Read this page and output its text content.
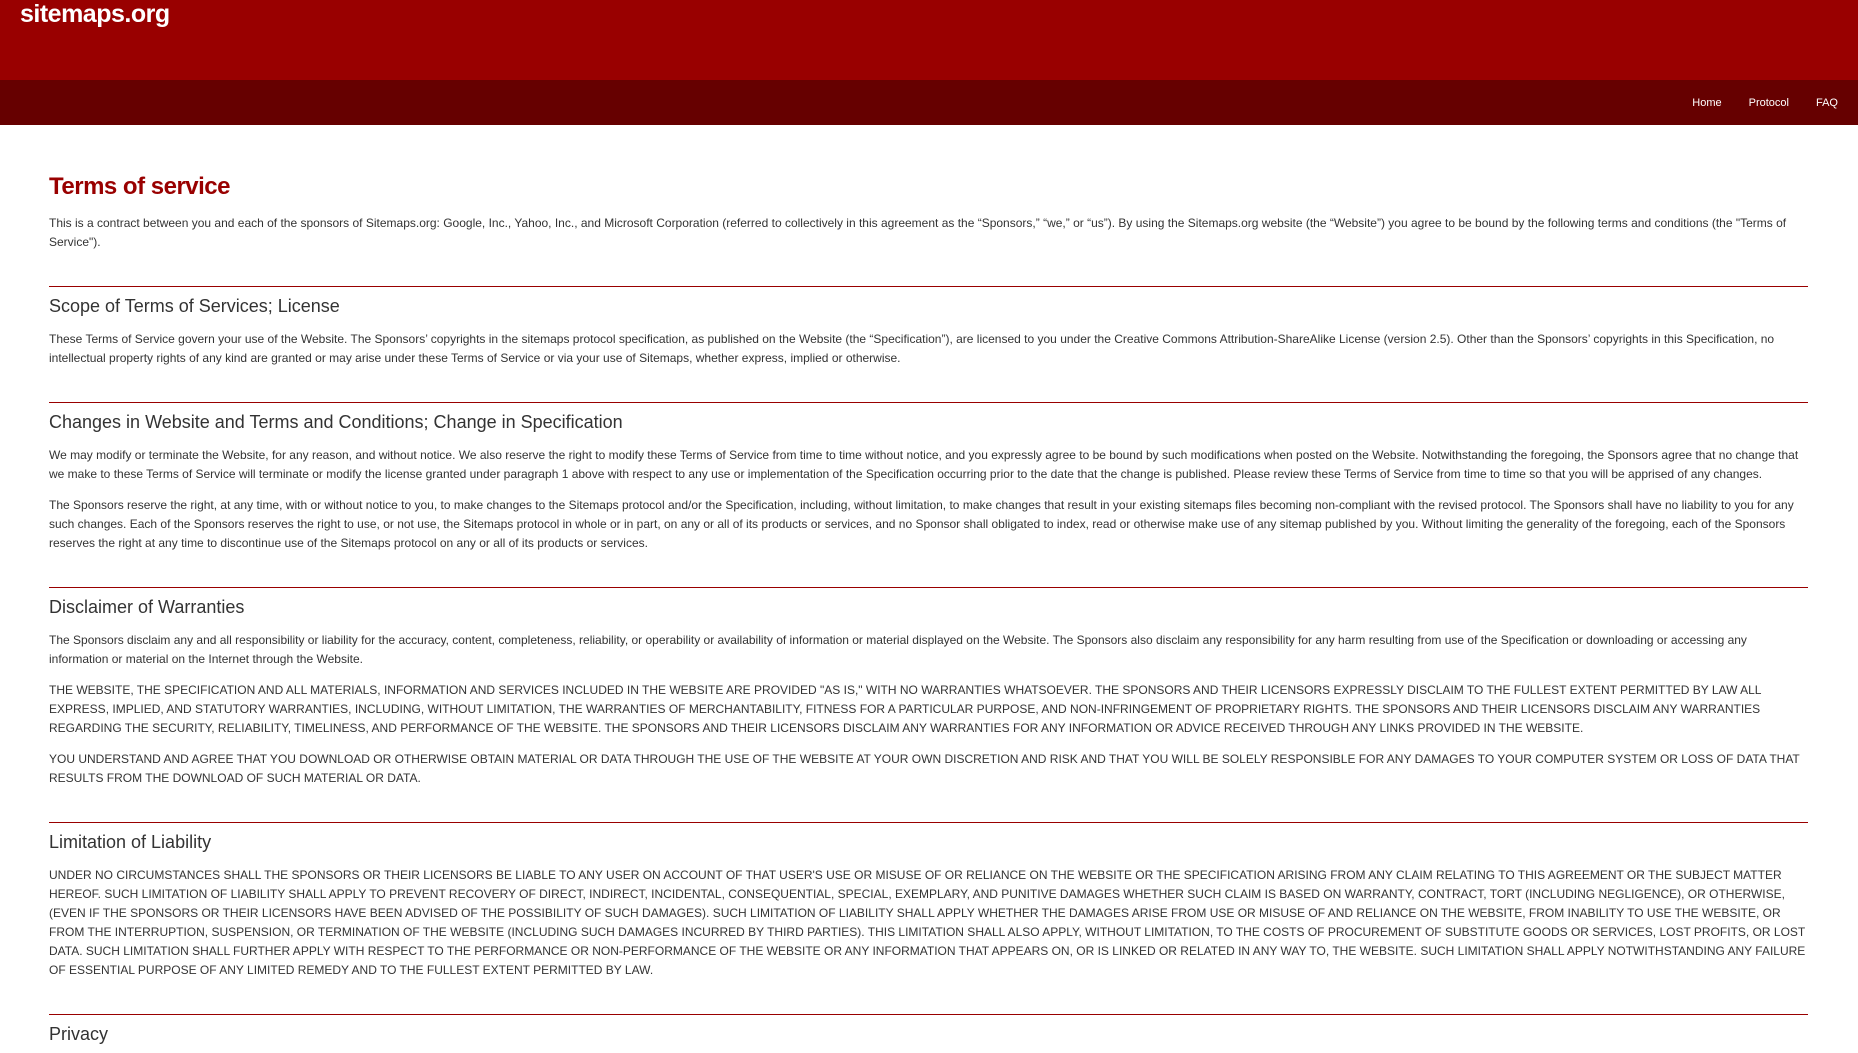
sitemaps.org
Home Protocol FAQ
Terms of service

This is a contract between you and each of the sponsors of Sitemaps.org: Google, Inc., Yahoo, Inc., and Microsoft Corporation (referred to collectively in this agreement as the “Sponsors,” “we,” or “us”). By using the Sitemaps.org website (the “Website”) you agree to be bound by the following terms and conditions (the "Terms of Service").

Scope of Terms of Services; License

These Terms of Service govern your use of the Website. The Sponsors’ copyrights in the sitemaps protocol specification, as published on the Website (the “Specification”), are licensed to you under the Creative Commons Attribution-ShareAlike License (version 2.5). Other than the Sponsors’ copyrights in this Specification, no intellectual property rights of any kind are granted or may arise under these Terms of Service or via your use of Sitemaps, whether express, implied or otherwise.

Changes in Website and Terms and Conditions; Change in Specification

We may modify or terminate the Website, for any reason, and without notice. We also reserve the right to modify these Terms of Service from time to time without notice, and you expressly agree to be bound by such modifications when posted on the Website. Notwithstanding the foregoing, the Sponsors agree that no change that we make to these Terms of Service will terminate or modify the license granted under paragraph 1 above with respect to any use or implementation of the Specification occurring prior to the date that the change is published. Please review these Terms of Service from time to time so that you will be apprised of any changes.

The Sponsors reserve the right, at any time, with or without notice to you, to make changes to the Sitemaps protocol and/or the Specification, including, without limitation, to make changes that result in your existing sitemaps files becoming non-compliant with the revised protocol. The Sponsors shall have no liability to you for any such changes. Each of the Sponsors reserves the right to use, or not use, the Sitemaps protocol in whole or in part, on any or all of its products or services, and no Sponsor shall obligated to index, read or otherwise make use of any sitemap published by you. Without limiting the generality of the foregoing, each of the Sponsors reserves the right at any time to discontinue use of the Sitemaps protocol on any or all of its products or services.

Disclaimer of Warranties

The Sponsors disclaim any and all responsibility or liability for the accuracy, content, completeness, reliability, or operability or availability of information or material displayed on the Website. The Sponsors also disclaim any responsibility for any harm resulting from use of the Specification or downloading or accessing any information or material on the Internet through the Website.

THE WEBSITE, THE SPECIFICATION AND ALL MATERIALS, INFORMATION AND SERVICES INCLUDED IN THE WEBSITE ARE PROVIDED "AS IS," WITH NO WARRANTIES WHATSOEVER. THE SPONSORS AND THEIR LICENSORS EXPRESSLY DISCLAIM TO THE FULLEST EXTENT PERMITTED BY LAW ALL EXPRESS, IMPLIED, AND STATUTORY WARRANTIES, INCLUDING, WITHOUT LIMITATION, THE WARRANTIES OF MERCHANTABILITY, FITNESS FOR A PARTICULAR PURPOSE, AND NON-INFRINGEMENT OF PROPRIETARY RIGHTS. THE SPONSORS AND THEIR LICENSORS DISCLAIM ANY WARRANTIES REGARDING THE SECURITY, RELIABILITY, TIMELINESS, AND PERFORMANCE OF THE WEBSITE. THE SPONSORS AND THEIR LICENSORS DISCLAIM ANY WARRANTIES FOR ANY INFORMATION OR ADVICE RECEIVED THROUGH ANY LINKS PROVIDED IN THE WEBSITE.

YOU UNDERSTAND AND AGREE THAT YOU DOWNLOAD OR OTHERWISE OBTAIN MATERIAL OR DATA THROUGH THE USE OF THE WEBSITE AT YOUR OWN DISCRETION AND RISK AND THAT YOU WILL BE SOLELY RESPONSIBLE FOR ANY DAMAGES TO YOUR COMPUTER SYSTEM OR LOSS OF DATA THAT RESULTS FROM THE DOWNLOAD OF SUCH MATERIAL OR DATA.

Limitation of Liability

UNDER NO CIRCUMSTANCES SHALL THE SPONSORS OR THEIR LICENSORS BE LIABLE TO ANY USER ON ACCOUNT OF THAT USER'S USE OR MISUSE OF OR RELIANCE ON THE WEBSITE OR THE SPECIFICATION ARISING FROM ANY CLAIM RELATING TO THIS AGREEMENT OR THE SUBJECT MATTER HEREOF. SUCH LIMITATION OF LIABILITY SHALL APPLY TO PREVENT RECOVERY OF DIRECT, INDIRECT, INCIDENTAL, CONSEQUENTIAL, SPECIAL, EXEMPLARY, AND PUNITIVE DAMAGES WHETHER SUCH CLAIM IS BASED ON WARRANTY, CONTRACT, TORT (INCLUDING NEGLIGENCE), OR OTHERWISE, (EVEN IF THE SPONSORS OR THEIR LICENSORS HAVE BEEN ADVISED OF THE POSSIBILITY OF SUCH DAMAGES). SUCH LIMITATION OF LIABILITY SHALL APPLY WHETHER THE DAMAGES ARISE FROM USE OR MISUSE OF AND RELIANCE ON THE WEBSITE, FROM INABILITY TO USE THE WEBSITE, OR FROM THE INTERRUPTION, SUSPENSION, OR TERMINATION OF THE WEBSITE (INCLUDING SUCH DAMAGES INCURRED BY THIRD PARTIES). THIS LIMITATION SHALL ALSO APPLY, WITHOUT LIMITATION, TO THE COSTS OF PROCUREMENT OF SUBSTITUTE GOODS OR SERVICES, LOST PROFITS, OR LOST DATA. SUCH LIMITATION SHALL FURTHER APPLY WITH RESPECT TO THE PERFORMANCE OR NON-PERFORMANCE OF THE WEBSITE OR ANY INFORMATION THAT APPEARS ON, OR IS LINKED OR RELATED IN ANY WAY TO, THE WEBSITE. SUCH LIMITATION SHALL APPLY NOTWITHSTANDING ANY FAILURE OF ESSENTIAL PURPOSE OF ANY LIMITED REMEDY AND TO THE FULLEST EXTENT PERMITTED BY LAW.

Privacy
